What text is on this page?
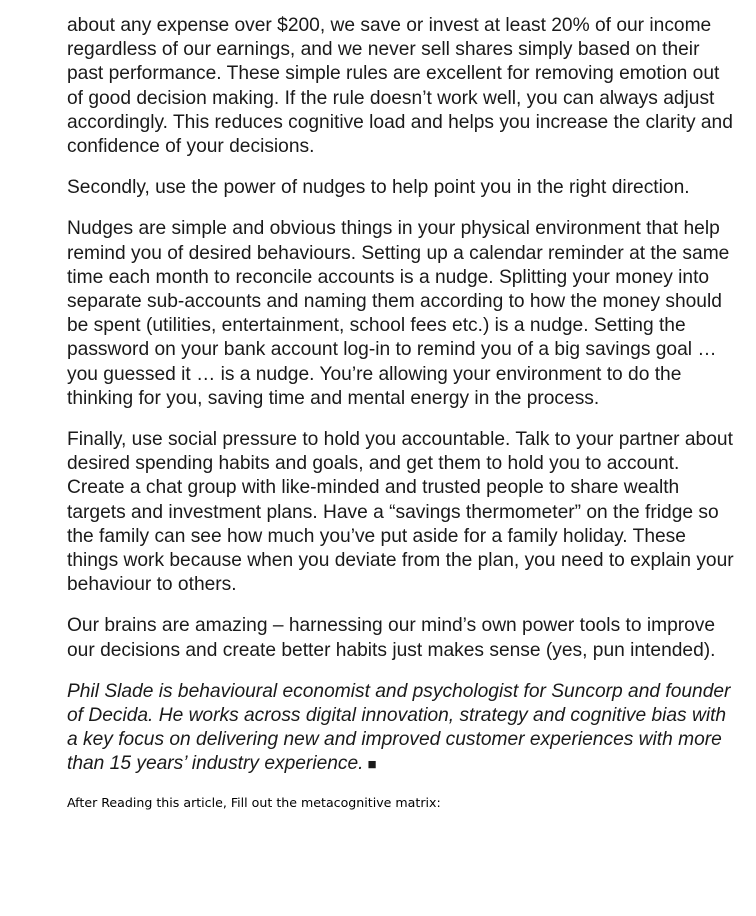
about any expense over $200, we save or invest at least 20% of our income regardless of our earnings, and we never sell shares simply based on their past performance. These simple rules are excellent for removing emotion out of good decision making. If the rule doesn’t work well, you can always adjust accordingly. This reduces cognitive load and helps you increase the clarity and confidence of your decisions.

Secondly, use the power of nudges to help point you in the right direction.

Nudges are simple and obvious things in your physical environment that help remind you of desired behaviours. Setting up a calendar reminder at the same time each month to reconcile accounts is a nudge. Splitting your money into separate sub-accounts and naming them according to how the money should be spent (utilities, entertainment, school fees etc.) is a nudge. Setting the password on your bank account log-in to remind you of a big savings goal … you guessed it … is a nudge. You’re allowing your environment to do the thinking for you, saving time and mental energy in the process.

Finally, use social pressure to hold you accountable. Talk to your partner about desired spending habits and goals, and get them to hold you to account. Create a chat group with like-minded and trusted people to share wealth targets and investment plans. Have a “savings thermometer” on the fridge so the family can see how much you’ve put aside for a family holiday. These things work because when you deviate from the plan, you need to explain your behaviour to others.

Our brains are amazing – harnessing our mind’s own power tools to improve our decisions and create better habits just makes sense (yes, pun intended).

Phil Slade is behavioural economist and psychologist for Suncorp and founder of Decida. He works across digital innovation, strategy and cognitive bias with a key focus on delivering new and improved customer experiences with more than 15 years’ industry experience. ■

After Reading this article, Fill out the metacognitive matrix:
